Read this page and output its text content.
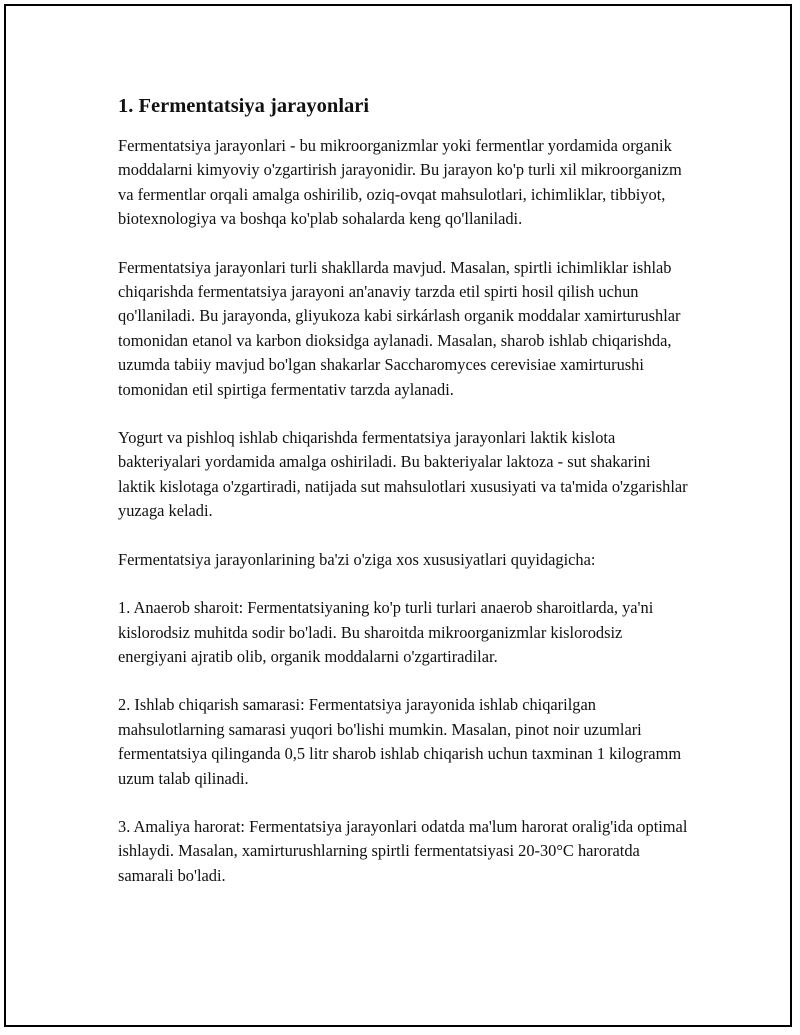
1. Fermentatsiya jarayonlari

Fermentatsiya jarayonlari - bu mikroorganizmlar yoki fermentlar yordamida organik moddalarni kimyoviy o'zgartirish jarayonidir. Bu jarayon ko'p turli xil mikroorganizm va fermentlar orqali amalga oshirilib, oziq-ovqat mahsulotlari, ichimliklar, tibbiyot, biotexnologiya va boshqa ko'plab sohalarda keng qo'llaniladi.

Fermentatsiya jarayonlari turli shakllarda mavjud. Masalan, spirtli ichimliklar ishlab chiqarishda fermentatsiya jarayoni an'anaviy tarzda etil spirti hosil qilish uchun qo'llaniladi. Bu jarayonda, gliyukoza kabi sirkárlash organik moddalar xamirturushlar tomonidan etanol va karbon dioksidga aylanadi. Masalan, sharob ishlab chiqarishda, uzumda tabiiy mavjud bo'lgan shakarlar Saccharomyces cerevisiae xamirturushi tomonidan etil spirtiga fermentativ tarzda aylanadi.

Yogurt va pishloq ishlab chiqarishda fermentatsiya jarayonlari laktik kislota bakteriyalari yordamida amalga oshiriladi. Bu bakteriyalar laktoza - sut shakarini laktik kislotaga o'zgartiradi, natijada sut mahsulotlari xususiyati va ta'mida o'zgarishlar yuzaga keladi.

Fermentatsiya jarayonlarining ba'zi o'ziga xos xususiyatlari quyidagicha:

1. Anaerob sharoit: Fermentatsiyaning ko'p turli turlari anaerob sharoitlarda, ya'ni kislorodsiz muhitda sodir bo'ladi. Bu sharoitda mikroorganizmlar kislorodsiz energiyani ajratib olib, organik moddalarni o'zgartiradilar.

2. Ishlab chiqarish samarasi: Fermentatsiya jarayonida ishlab chiqarilgan mahsulotlarning samarasi yuqori bo'lishi mumkin. Masalan, pinot noir uzumlari fermentatsiya qilinganda 0,5 litr sharob ishlab chiqarish uchun taxminan 1 kilogramm uzum talab qilinadi.

3. Amaliya harorat: Fermentatsiya jarayonlari odatda ma'lum harorat oralig'ida optimal ishlaydi. Masalan, xamirturushlarning spirtli fermentatsiyasi 20-30°C haroratda samarali bo'ladi.
